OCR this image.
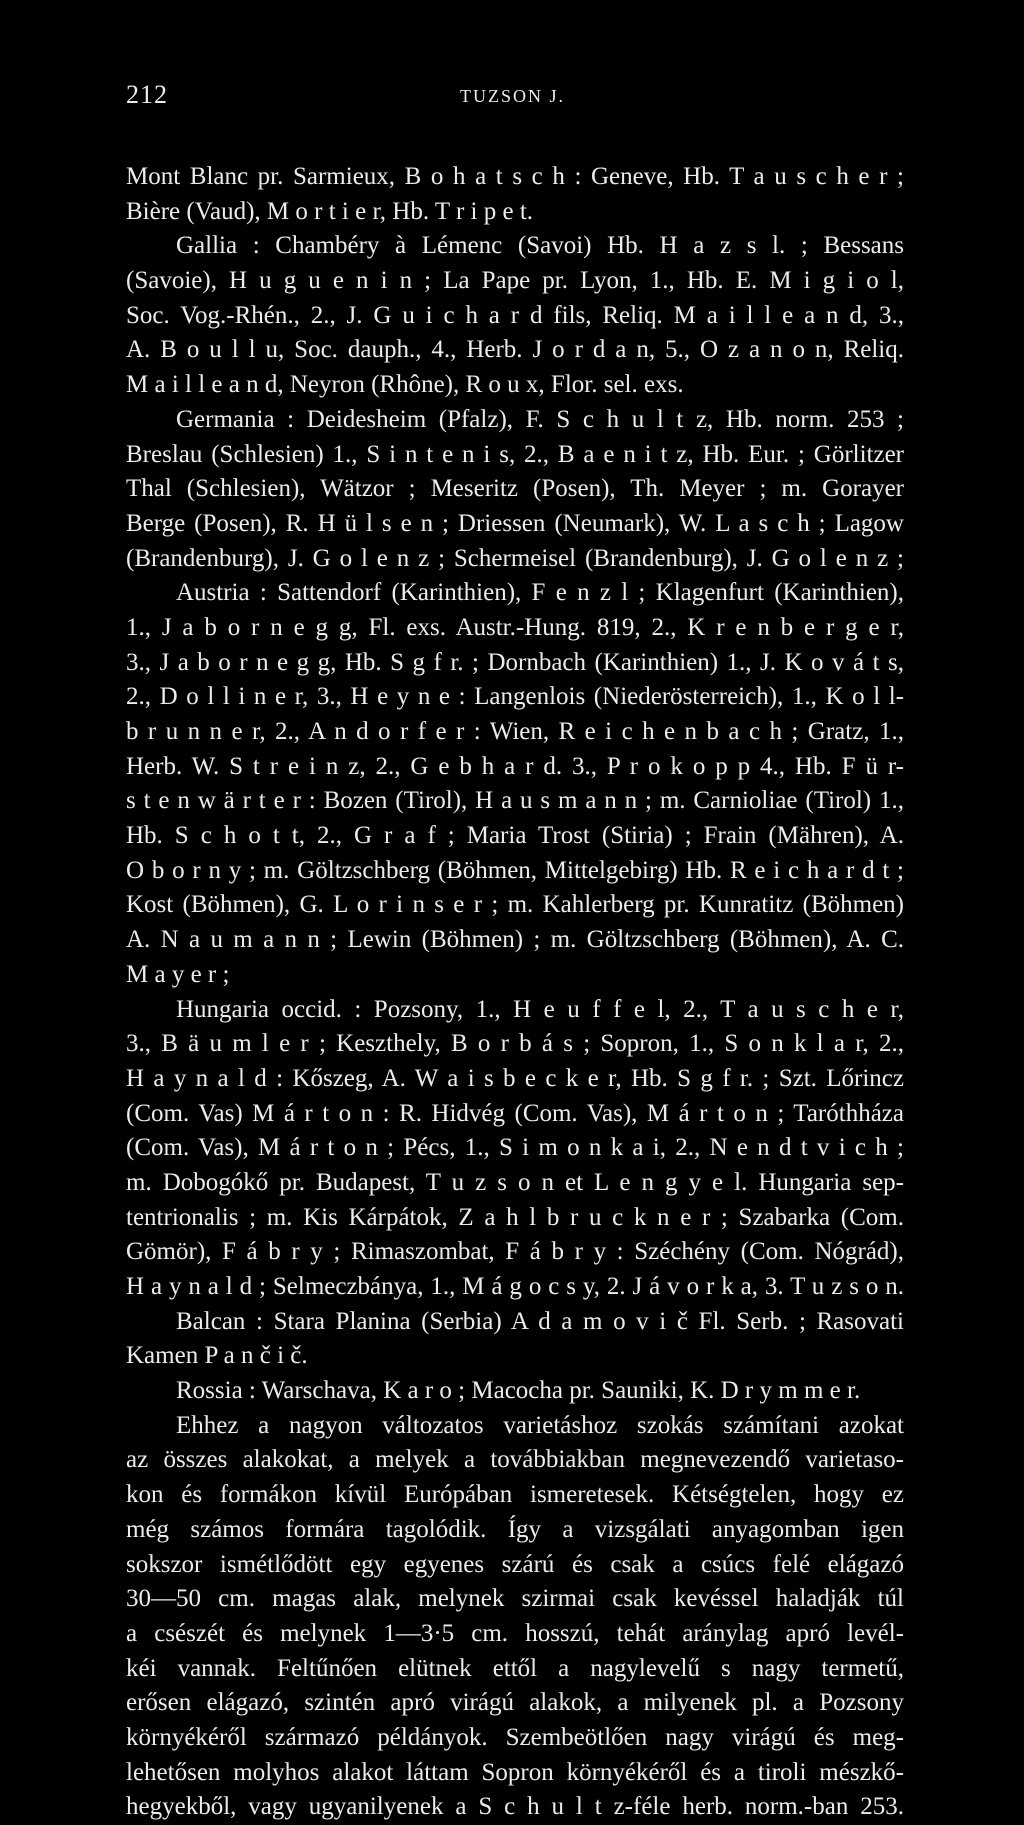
212	TUZSON J.
Mont Blanc pr. Sarmieux, B o h a t s c h : Geneve, Hb. T a u s c h e r ;
Bière (Vaud), M o r t i e r, Hb. T r i p e t.
Gallia : Chambéry à Lémenc (Savoi) Hb. H a z s l. ; Bessans
(Savoie), H u g u e n i n ; La Pape pr. Lyon, 1., Hb. E. M i g i o l,
Soc. Vog.-Rhén., 2., J. G u i c h a r d fils, Reliq. M a i l l e a n d, 3.,
A. B o u l l u, Soc. dauph., 4., Herb. J o r d a n, 5., O z a n o n, Reliq.
M a i l l e a n d, Neyron (Rhône), R o u x, Flor. sel. exs.
Germania : Deidesheim (Pfalz), F. S c h u l t z, Hb. norm. 253 ;
Breslau (Schlesien) 1., S i n t e n i s, 2., B a e n i t z, Hb. Eur. ; Görlitzer
Thal (Schlesien), Wätzor ; Meseritz (Posen), Th. Meyer ; m. Gorayer
Berge (Posen), R. H ü l s e n ; Driessen (Neumark), W. L a s c h ; Lagow
(Brandenburg), J. G o l e n z ; Schermeisel (Brandenburg), J. G o l e n z ;
Austria : Sattendorf (Karinthien), F e n z l ; Klagenfurt (Karinthien),
1., J a b o r n e g g, Fl. exs. Austr.-Hung. 819, 2., K r e n b e r g e r,
3., J a b o r n e g g, Hb. S g f r. ; Dornbach (Karinthien) 1., J. K o v á t s,
2., D o l l i n e r, 3., H e y n e : Langenlois (Niederösterreich), 1., K o l l-
b r u n n e r, 2., A n d o r f e r : Wien, R e i c h e n b a c h ; Gratz, 1.,
Herb. W. S t r e i n z, 2., G e b h a r d. 3., P r o k o p p 4., Hb. F ü r-
s t e n w ä r t e r : Bozen (Tirol), H a u s m a n n ; m. Carnioliae (Tirol) 1.,
Hb. S c h o t t, 2., G r a f ; Maria Trost (Stiria) ; Frain (Mähren), A.
O b o r n y ; m. Göltzschberg (Böhmen, Mittelgebirg) Hb. R e i c h a r d t ;
Kost (Böhmen), G. L o r i n s e r ; m. Kahlerberg pr. Kunratitz (Böhmen)
A. N a u m a n n ; Lewin (Böhmen) ; m. Göltzschberg (Böhmen), A. C.
M a y e r ;
Hungaria occid. : Pozsony, 1., H e u f f e l, 2., T a u s c h e r,
3., B ä u m l e r ; Keszthely, B o r b á s ; Sopron, 1., S o n k l a r, 2.,
H a y n a l d : Kőszeg, A. W a i s b e c k e r, Hb. S g f r. ; Szt. Lőrincz
(Com. Vas) M á r t o n : R. Hidvég (Com. Vas), M á r t o n ; Taróthháza
(Com. Vas), M á r t o n ; Pécs, 1., S i m o n k a i, 2., N e n d t v i c h ;
m. Dobogókő pr. Budapest, T u z s o n et L e n g y e l. Hungaria sep-
tentrionalis ; m. Kis Kárpátok, Z a h l b r u c k n e r ; Szabarka (Com.
Gömör), F á b r y ; Rimaszombat, F á b r y : Széchény (Com. Nógrád),
H a y n a l d ; Selmeczbánya, 1., M á g o c s y, 2. J á v o r k a, 3. T u z s o n.
Balcan : Stara Planina (Serbia) A d a m o v i č Fl. Serb. ; Rasovati
Kamen P a n č i č.
Rossia : Warschava, K a r o ; Macocha pr. Sauniki, K. D r y m m e r.
Ehhez a nagyon változatos varietáshoz szokás számítani azokat
az összes alakokat, a melyek a továbbiakban megnevezendő varietaso-
kon és formákon kívül Európában ismeretesek. Kétségtelen, hogy ez
még számos formára tagolódik. Így a vizsgálati anyagomban igen
sokszor ismétlődött egy egyenes szárú és csak a csúcs felé elágazó
30—50 cm. magas alak, melynek szirmai csak kevéssel haladják túl
a csészét és melynek 1—3·5 cm. hosszú, tehát aránylag apró levél-
kéi vannak. Feltűnően elütnek ettől a nagylevelű s nagy termetű,
erősen elágazó, szintén apró virágú alakok, a milyenek pl. a Pozsony
környékéről származó példányok. Szembeötlően nagy virágú és meg-
lehetősen molyhos alakot láttam Sopron környékéről és a tiroli mészkő-
hegyekből, vagy ugyanilyenek a S c h u l t z-féle herb. norm.-ban 253.
